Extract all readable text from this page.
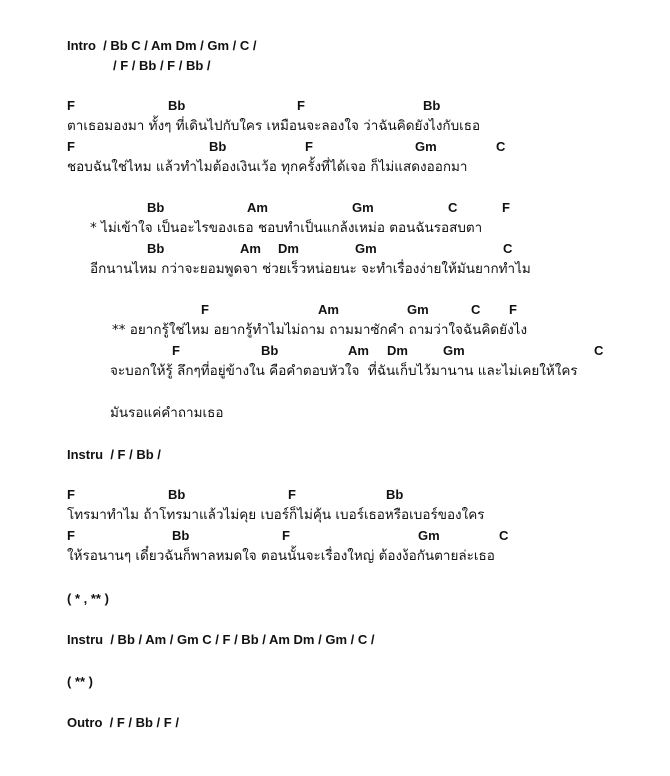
Intro  / Bb C / Am Dm / Gm / C /
/ F / Bb / F / Bb /
F	Bb	F	Bb
ตาเธอมองมา ทั้งๆ ที่เดินไปกับใคร เหมือนจะลองใจ ว่าฉันคิดยังไงกับเธอ
F	Bb	F	Gm	C
ชอบฉันใช่ไหม แล้วทำไมต้องเงินเว้อ ทุกครั้งที่ได้เจอ ก็ไม่แสดงออกมา
Bb	Am	Gm	C	F
* ไม่เข้าใจ เป็นอะไรของเธอ ชอบทำเป็นแกล้งเหม่อ ตอนฉันรอสบตา
Bb	Am Dm	Gm	C
อีกนานไหม กว่าจะยอมพูดจา ช่วยเร็วหน่อยนะ จะทำเรื่องง่ายให้มันยากทำไม
F	Am	Gm	C F
** อยากรู้ใช่ไหม อยากรู้ทำไมไม่ถาม ถามมาซักคำ ถามว่าใจฉันคิดยังไง
F	Bb	Am Dm	Gm	C
จะบอกให้รู้ ลึกๆที่อยู่ข้างใน คือคำตอบหัวใจ  ที่ฉันเก็บไว้มานาน และไม่เคยให้ใคร
มันรอแค่คำถามเธอ
Instru  / F / Bb /
F	Bb	F	Bb
โทรมาทำไม ถ้าโทรมาแล้วไม่คุย เบอร์ก็ไม่คุ้น เบอร์เธอหรือเบอร์ของใคร
F	Bb	F	Gm	C
ให้รอนานๆ เดี๋ยวฉันก็พาลหมดใจ ตอนนั้นจะเรื่องใหญ่ ต้องง้อกันตายล่ะเธอ
( * , ** )
Instru  / Bb / Am / Gm C / F / Bb / Am Dm / Gm / C /
( ** )
Outro  / F / Bb / F /
